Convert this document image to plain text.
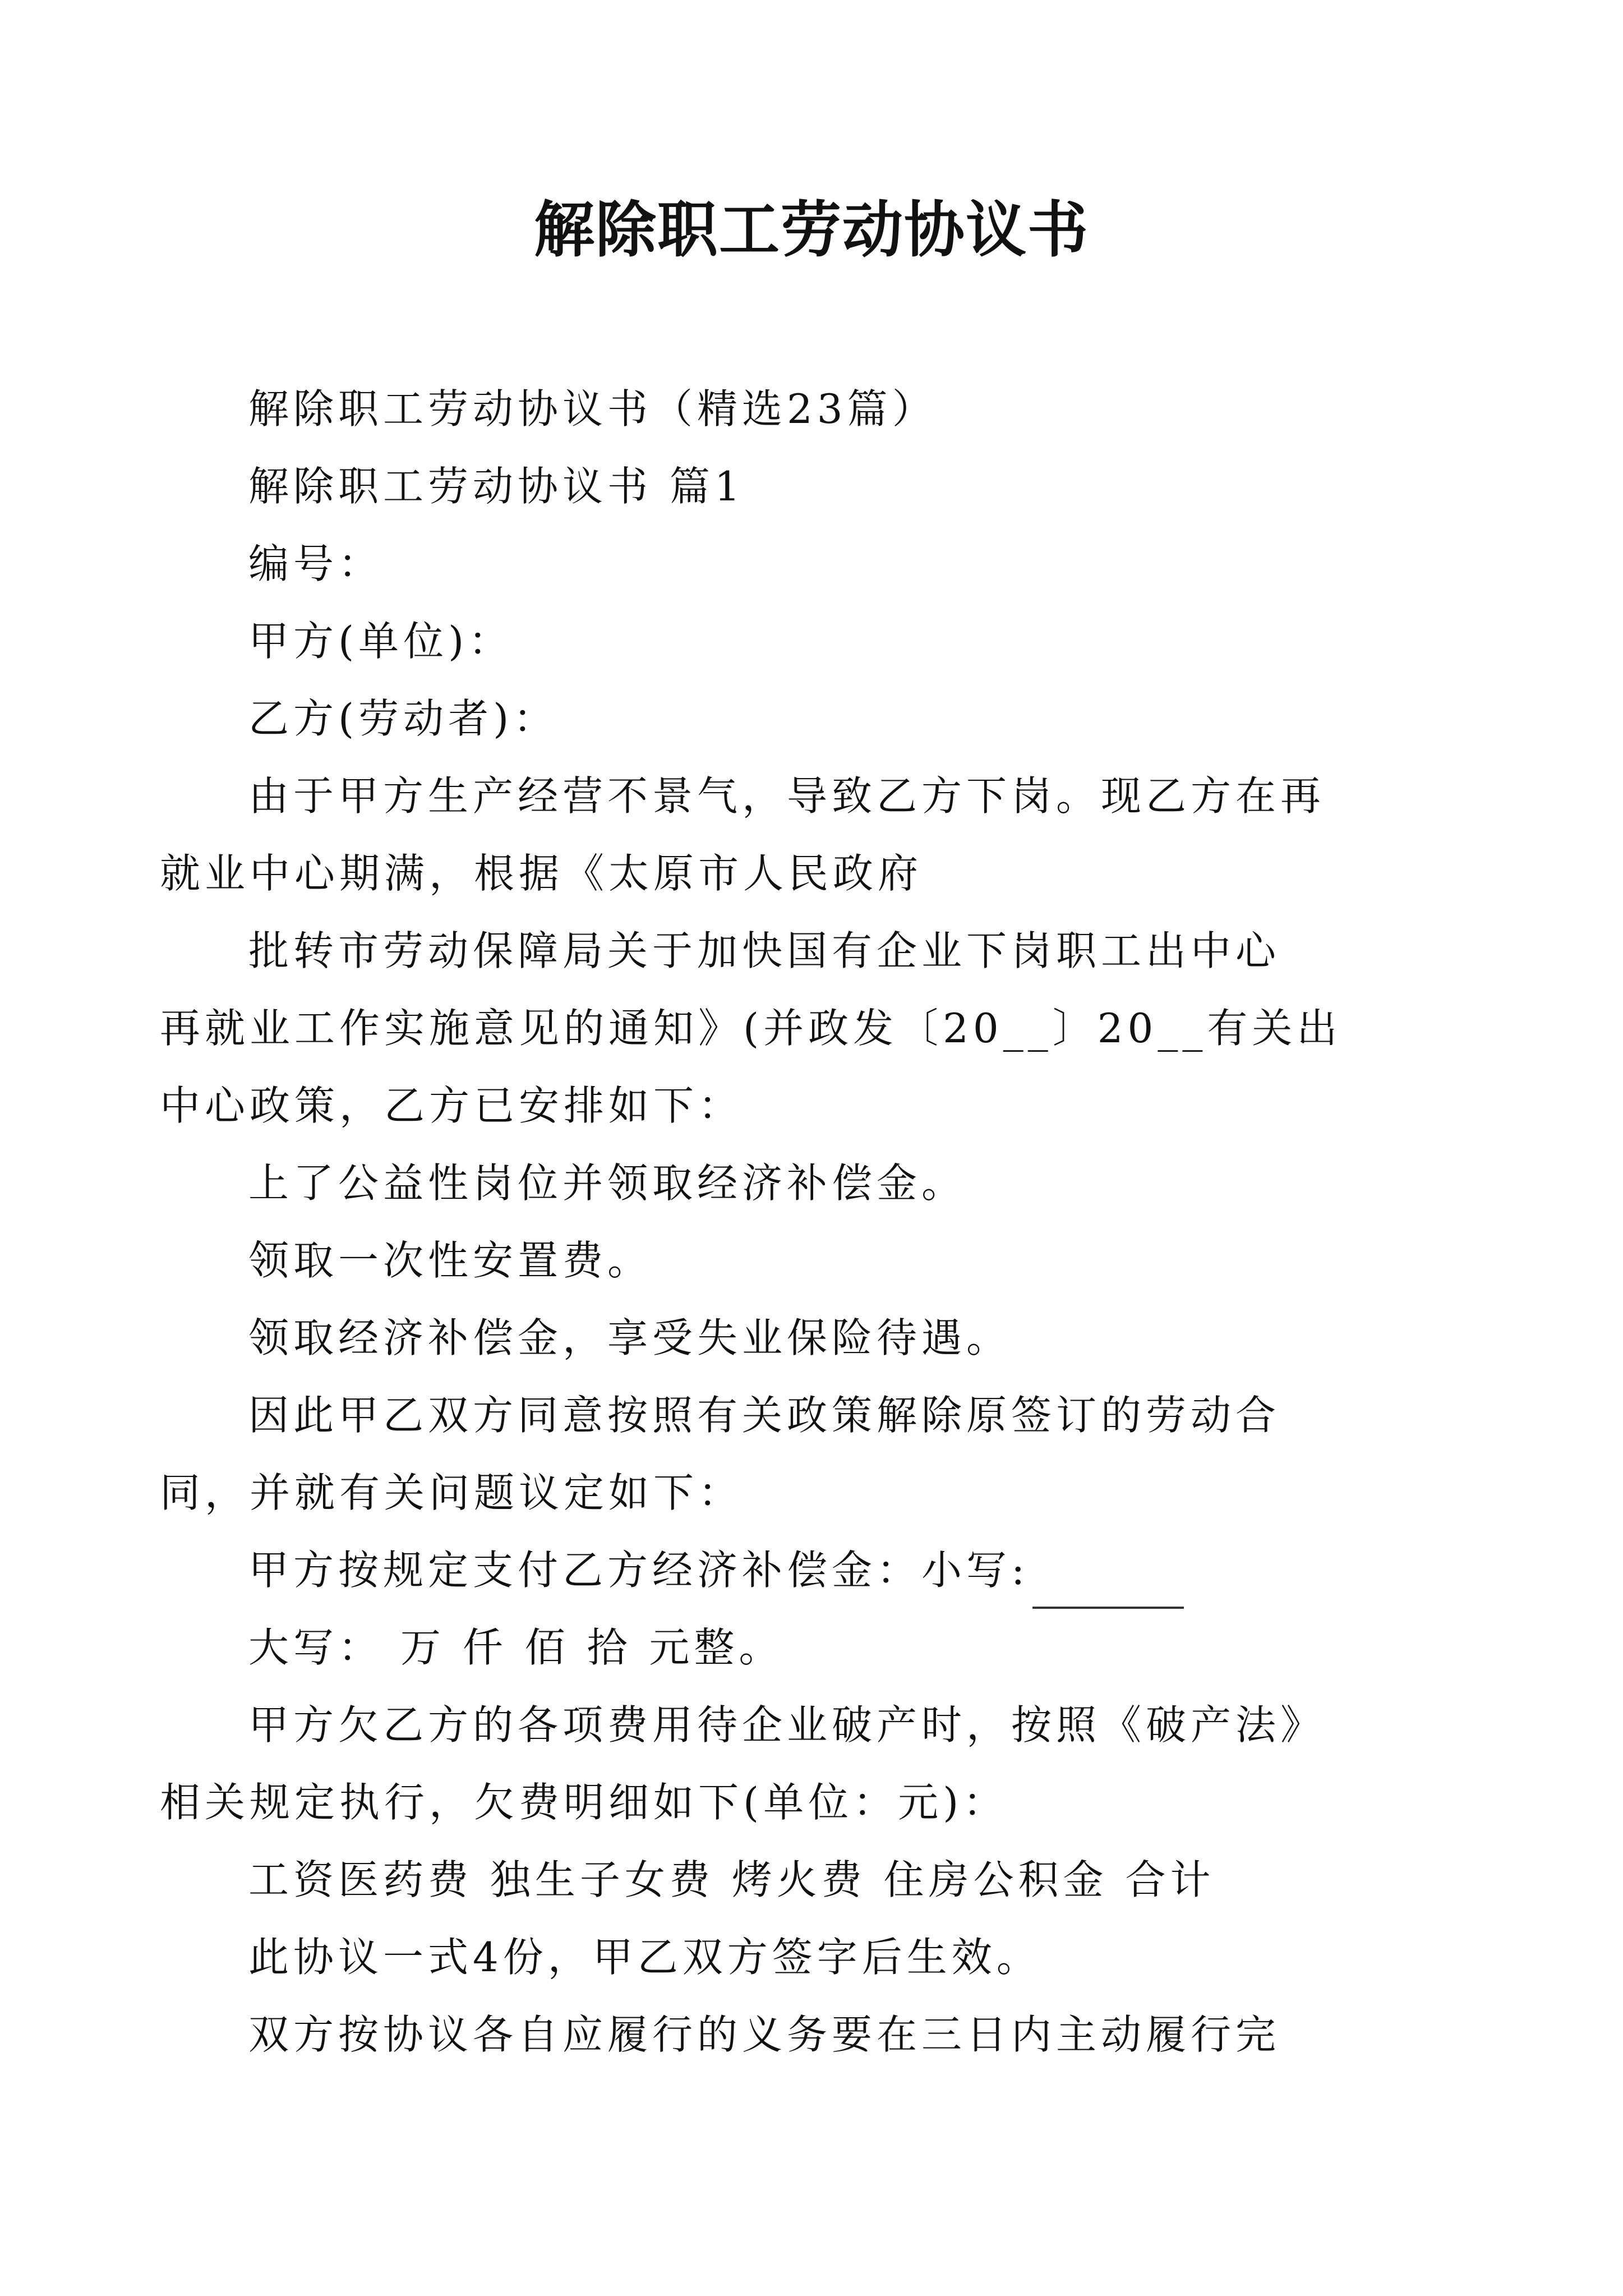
解除职工劳动协议书
解除职工劳动协议书（精选23篇）
解除职工劳动协议书 篇1
编号：
甲方(单位)：
乙方(劳动者)：
由于甲方生产经营不景气，导致乙方下岗。现乙方在再
就业中心期满，根据《太原市人民政府
批转市劳动保障局关于加快国有企业下岗职工出中心
再就业工作实施意见的通知》(并政发〔20__〕20__有关出
中心政策，乙方已安排如下：
上了公益性岗位并领取经济补偿金。
领取一次性安置费。
领取经济补偿金，享受失业保险待遇。
因此甲乙双方同意按照有关政策解除原签订的劳动合
同，并就有关问题议定如下：
甲方按规定支付乙方经济补偿金：小写:
大写： 万 仟 佰 拾 元整。
甲方欠乙方的各项费用待企业破产时，按照《破产法》
相关规定执行，欠费明细如下(单位：元)：
工资医药费 独生子女费 烤火费 住房公积金 合计
此协议一式4份，甲乙双方签字后生效。
双方按协议各自应履行的义务要在三日内主动履行完
